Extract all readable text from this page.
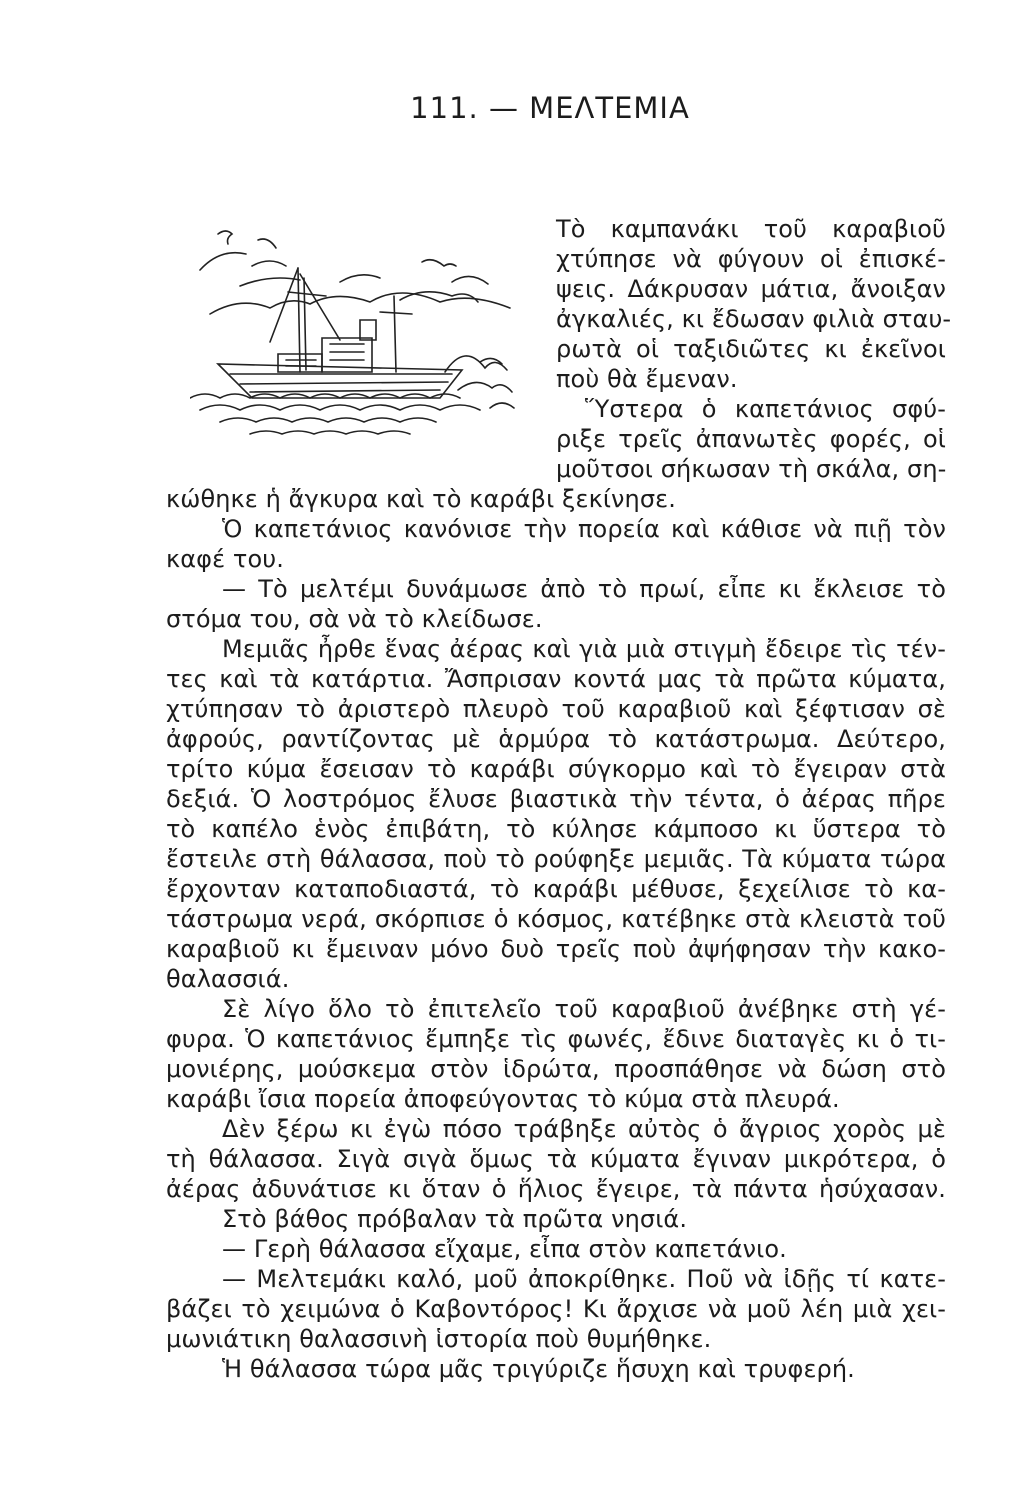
111. — ΜΕΛΤΕΜΙΑ
Τὸ καμπανάκι τοῦ καραβιοῦ
χτύπησε νὰ φύγουν οἱ ἐπισκέ-
ψεις. Δάκρυσαν μάτια, ἄνοιξαν
ἀγκαλιές, κι ἔδωσαν φιλιὰ σταυ-
ρωτὰ οἱ ταξιδιῶτες κι ἐκεῖνοι
ποὺ θὰ ἔμεναν.
Ὕστερα ὁ καπετάνιος σφύ-
ριξε τρεῖς ἀπανωτὲς φορές, οἱ
μοῦτσοι σήκωσαν τὴ σκάλα, ση-
κώθηκε ἡ ἄγκυρα καὶ τὸ καράβι ξεκίνησε.
Ὁ καπετάνιος κανόνισε τὴν πορεία καὶ κάθισε νὰ πιῇ τὸν
καφέ του.
— Τὸ μελτέμι δυνάμωσε ἀπὸ τὸ πρωί, εἶπε κι ἔκλεισε τὸ
στόμα του, σὰ νὰ τὸ κλείδωσε.
Μεμιᾶς ἦρθε ἕνας ἀέρας καὶ γιὰ μιὰ στιγμὴ ἔδειρε τὶς τέν-
τες καὶ τὰ κατάρτια. Ἄσπρισαν κοντά μας τὰ πρῶτα κύματα,
χτύπησαν τὸ ἀριστερὸ πλευρὸ τοῦ καραβιοῦ καὶ ξέφτισαν σὲ
ἀφρούς, ραντίζοντας μὲ ἁρμύρα τὸ κατάστρωμα. Δεύτερο,
τρίτο κύμα ἔσεισαν τὸ καράβι σύγκορμο καὶ τὸ ἔγειραν στὰ
δεξιά. Ὁ λοστρόμος ἔλυσε βιαστικὰ τὴν τέντα, ὁ ἀέρας πῆρε
τὸ καπέλο ἑνὸς ἐπιβάτη, τὸ κύλησε κάμποσο κι ὕστερα τὸ
ἔστειλε στὴ θάλασσα, ποὺ τὸ ρούφηξε μεμιᾶς. Τὰ κύματα τώρα
ἔρχονταν καταποδιαστά, τὸ καράβι μέθυσε, ξεχείλισε τὸ κα-
τάστρωμα νερά, σκόρπισε ὁ κόσμος, κατέβηκε στὰ κλειστὰ τοῦ
καραβιοῦ κι ἔμειναν μόνο δυὸ τρεῖς ποὺ ἀψήφησαν τὴν κακο-
θαλασσιά.
Σὲ λίγο ὅλο τὸ ἐπιτελεῖο τοῦ καραβιοῦ ἀνέβηκε στὴ γέ-
φυρα. Ὁ καπετάνιος ἔμπηξε τὶς φωνές, ἔδινε διαταγὲς κι ὁ τι-
μονιέρης, μούσκεμα στὸν ἱδρώτα, προσπάθησε νὰ δώση στὸ
καράβι ἴσια πορεία ἀποφεύγοντας τὸ κύμα στὰ πλευρά.
Δὲν ξέρω κι ἐγὼ πόσο τράβηξε αὐτὸς ὁ ἄγριος χορὸς μὲ
τὴ θάλασσα. Σιγὰ σιγὰ ὅμως τὰ κύματα ἔγιναν μικρότερα, ὁ
ἀέρας ἀδυνάτισε κι ὅταν ὁ ἥλιος ἔγειρε, τὰ πάντα ἡσύχασαν.
Στὸ βάθος πρόβαλαν τὰ πρῶτα νησιά.
— Γερὴ θάλασσα εἴχαμε, εἶπα στὸν καπετάνιο.
— Μελτεμάκι καλό, μοῦ ἀποκρίθηκε. Ποῦ νὰ ἰδῇς τί κατε-
βάζει τὸ χειμώνα ὁ Καβοντόρος! Κι ἄρχισε νὰ μοῦ λέη μιὰ χει-
μωνιάτικη θαλασσινὴ ἱστορία ποὺ θυμήθηκε.
Ἡ θάλασσα τώρα μᾶς τριγύριζε ἥσυχη καὶ τρυφερή.
